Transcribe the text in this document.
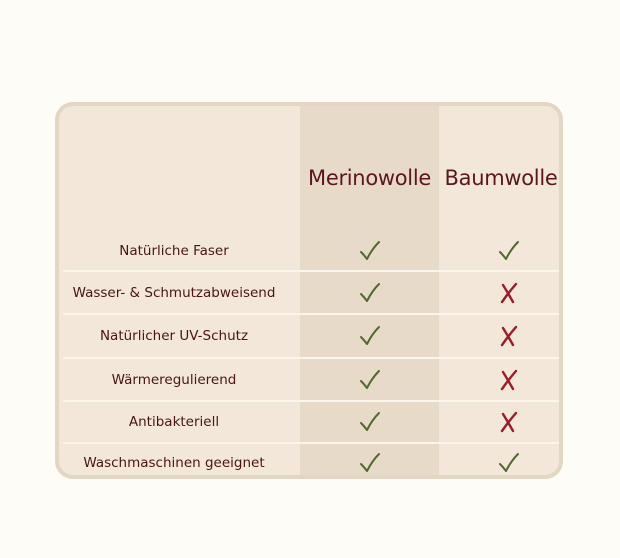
Merinowolle Baumwolle
Natürliche Faser
Wasser- & Schmutzabweisend
Natürlicher UV-Schutz
Wärmeregulierend
Antibakteriell
Waschmaschinen geeignet
